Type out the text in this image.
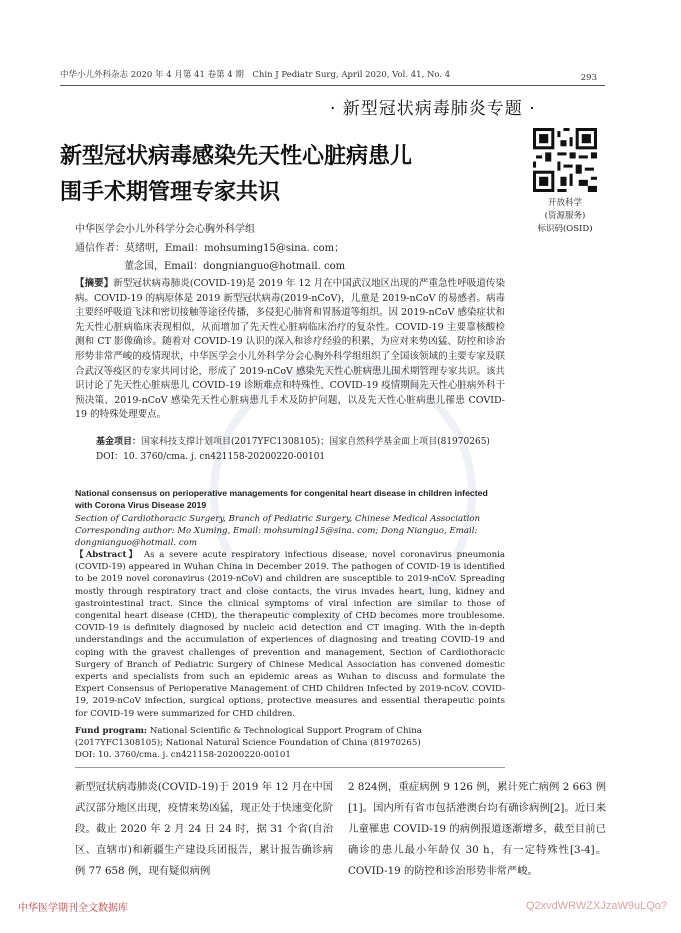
中华小儿外科杂志 2020 年 4 月第 41 卷第 4 期　Chin J Pediatr Surg, April 2020, Vol. 41, No. 4	293
· 新型冠状病毒肺炎专题 ·
新型冠状病毒感染先天性心脏病患儿
围手术期管理专家共识	开放科学
(资源服务)
标识码(OSID)
中华医学会小儿外科学分会心胸外科学组
通信作者：莫绪明，Email：mohsuming15@sina. com；
董念国，Email：dongnianguo@hotmail. com
【摘要】新型冠状病毒肺炎(COVID-19)是 2019 年 12 月在中国武汉地区出现的严重急性呼吸道传染病。COVID-19 的病原体是 2019 新型冠状病毒(2019-nCoV)，儿童是 2019-nCoV 的易感者。病毒主要经呼吸道飞沫和密切接触等途径传播，多侵犯心肺肾和胃肠道等组织。因 2019-nCoV 感染症状和先天性心脏病临床表现相似，从而增加了先天性心脏病临床治疗的复杂性。COVID-19 主要靠核酸检测和 CT 影像确诊。随着对 COVID-19 认识的深入和诊疗经验的积累，为应对来势凶猛、防控和诊治形势非常严峻的疫情现状，中华医学会小儿外科学分会心胸外科学组组织了全国该领域的主要专家及联合武汉等疫区的专家共同讨论，形成了 2019-nCoV 感染先天性心脏病患儿围术期管理专家共识。该共识讨论了先天性心脏病患儿 COVID-19 诊断难点和特殊性、COVID-19 疫情期间先天性心脏病外科干预决策、2019-nCoV 感染先天性心脏病患儿手术及防护问题，以及先天性心脏病患儿罹患 COVID-19 的特殊处理要点。
基金项目：国家科技支撑计划项目(2017YFC1308105)；国家自然科学基金面上项目(81970265)
DOI：10. 3760/cma. j. cn421158-20200220-00101
National consensus on perioperative managements for congenital heart disease in children infected with Corona Virus Disease 2019
Section of Cardiothoracic Surgery, Branch of Pediatric Surgery, Chinese Medical Association
Corresponding author: Mo Xuming, Email: mohsuming15@sina. com; Dong Nianguo, Email: dongnianguo@hotmail. com
【Abstract】 As a severe acute respiratory infectious disease, novel coronavirus pneumonia (COVID-19) appeared in Wuhan China in December 2019. The pathogen of COVID-19 is identified to be 2019 novel coronavirus (2019-nCoV) and children are susceptible to 2019-nCoV. Spreading mostly through respiratory tract and close contacts, the virus invades heart, lung, kidney and gastrointestinal tract. Since the clinical symptoms of viral infection are similar to those of congenital heart disease (CHD), the therapeutic complexity of CHD becomes more troublesome. COVID-19 is definitely diagnosed by nucleic acid detection and CT imaging. With the in-depth understandings and the accumulation of experiences of diagnosing and treating COVID-19 and coping with the gravest challenges of prevention and management, Section of Cardiothoracic Surgery of Branch of Pediatric Surgery of Chinese Medical Association has convened domestic experts and specialists from such an epidemic areas as Wuhan to discuss and formulate the Expert Consensus of Perioperative Management of CHD Children Infected by 2019-nCoV. COVID-19, 2019-nCoV infection, surgical options, protective measures and essential therapeutic points for COVID-19 were summarized for CHD children.
Fund program: National Scientific & Technological Support Program of China (2017YFC1308105); National Natural Science Foundation of China (81970265)
DOI: 10. 3760/cma. j. cn421158-20200220-00101
新型冠状病毒肺炎(COVID-19)于 2019 年 12 月在中国武汉部分地区出现，疫情来势凶猛，现正处于快速变化阶段。截止 2020 年 2 月 24 日 24 时，据 31 个省(自治区、直辖市)和新疆生产建设兵团报告，累计报告确诊病例 77 658 例，现有疑似病例
2 824例，重症病例 9 126 例，累计死亡病例 2 663 例[1]。国内所有省市包括港澳台均有确诊病例[2]。近日来儿童罹患 COVID-19 的病例报道逐渐增多，截至目前已确诊的患儿最小年龄仅 30 h，有一定特殊性[3-4]。COVID-19 的防控和诊治形势非常严峻。
中华医学期刊全文数据库	Q2xvdWRWZXJzaW9uLQo?
